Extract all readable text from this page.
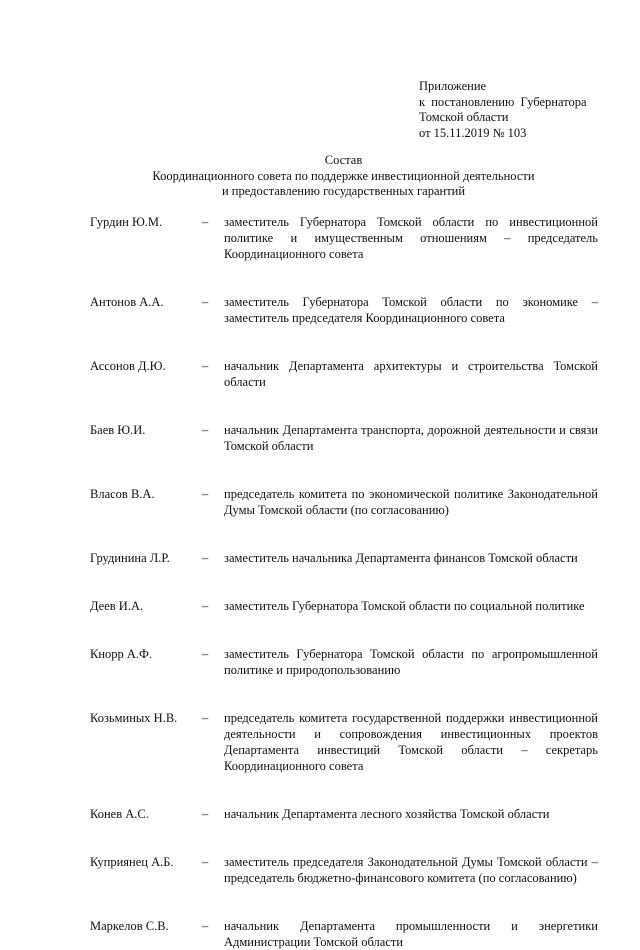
Приложение
к постановлению Губернатора
Томской области
от 15.11.2019 № 103
Состав
Координационного совета по поддержке инвестиционной деятельности
и предоставлению государственных гарантий
Гурдин Ю.М.	– заместитель Губернатора Томской области по инвестиционной политике и имущественным отношениям – председатель Координационного совета
Антонов А.А.	– заместитель Губернатора Томской области по экономике – заместитель председателя Координационного совета
Ассонов Д.Ю.	– начальник Департамента архитектуры и строительства Томской области
Баев Ю.И.	– начальник Департамента транспорта, дорожной деятельности и связи Томской области
Власов В.А.	– председатель комитета по экономической политике Законодательной Думы Томской области (по согласованию)
Грудинина Л.Р.	– заместитель начальника Департамента финансов Томской области
Деев И.А.	– заместитель Губернатора Томской области по социальной политике
Кнорр А.Ф.	– заместитель Губернатора Томской области по агропромышленной политике и природопользованию
Козьминых Н.В. – председатель комитета государственной поддержки инвестиционной деятельности и сопровождения инвестиционных проектов Департамента инвестиций Томской области – секретарь Координационного совета
Конев А.С.	– начальник Департамента лесного хозяйства Томской области
Куприянец А.Б. – заместитель председателя Законодательной Думы Томской области – председатель бюджетно-финансового комитета (по согласованию)
Маркелов С.В.	– начальник Департамента промышленности и энергетики Администрации Томской области
